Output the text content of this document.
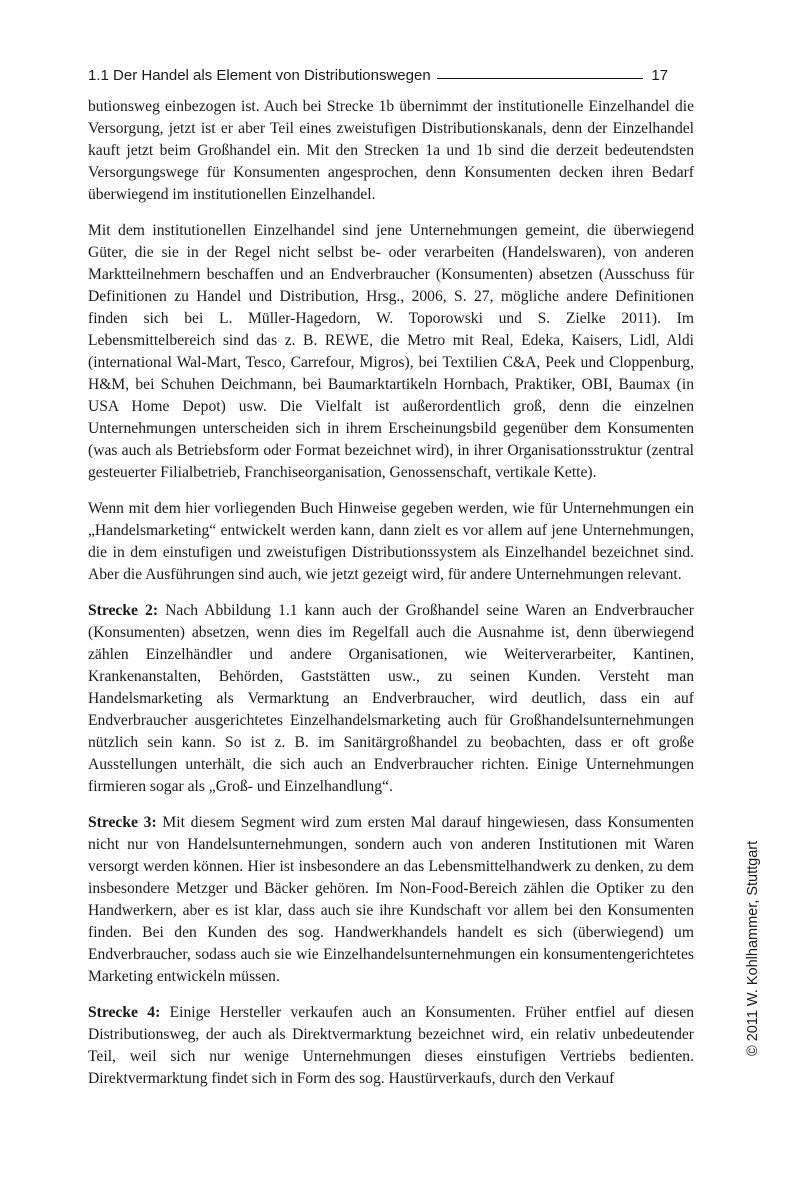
1.1 Der Handel als Element von Distributionswegen	17

butionsweg einbezogen ist. Auch bei Strecke 1b übernimmt der institutionelle Einzelhandel die Versorgung, jetzt ist er aber Teil eines zweistufigen Distributionskanals, denn der Einzelhandel kauft jetzt beim Großhandel ein. Mit den Strecken 1a und 1b sind die derzeit bedeutendsten Versorgungswege für Konsumenten angesprochen, denn Konsumenten decken ihren Bedarf überwiegend im institutionellen Einzelhandel.

Mit dem institutionellen Einzelhandel sind jene Unternehmungen gemeint, die überwiegend Güter, die sie in der Regel nicht selbst be- oder verarbeiten (Handelswaren), von anderen Marktteilnehmern beschaffen und an Endverbraucher (Konsumenten) absetzen (Ausschuss für Definitionen zu Handel und Distribution, Hrsg., 2006, S. 27, mögliche andere Definitionen finden sich bei L. Müller-Hagedorn, W. Toporowski und S. Zielke 2011). Im Lebensmittelbereich sind das z. B. REWE, die Metro mit Real, Edeka, Kaisers, Lidl, Aldi (international Wal-Mart, Tesco, Carrefour, Migros), bei Textilien C&A, Peek und Cloppenburg, H&M, bei Schuhen Deichmann, bei Baumarktartikeln Hornbach, Praktiker, OBI, Baumax (in USA Home Depot) usw. Die Vielfalt ist außerordentlich groß, denn die einzelnen Unternehmungen unterscheiden sich in ihrem Erscheinungsbild gegenüber dem Konsumenten (was auch als Betriebsform oder Format bezeichnet wird), in ihrer Organisationsstruktur (zentral gesteuerter Filialbetrieb, Franchiseorganisation, Genossenschaft, vertikale Kette).

Wenn mit dem hier vorliegenden Buch Hinweise gegeben werden, wie für Unternehmungen ein „Handelsmarketing“ entwickelt werden kann, dann zielt es vor allem auf jene Unternehmungen, die in dem einstufigen und zweistufigen Distributionssystem als Einzelhandel bezeichnet sind. Aber die Ausführungen sind auch, wie jetzt gezeigt wird, für andere Unternehmungen relevant.

Strecke 2: Nach Abbildung 1.1 kann auch der Großhandel seine Waren an Endverbraucher (Konsumenten) absetzen, wenn dies im Regelfall auch die Ausnahme ist, denn überwiegend zählen Einzelhändler und andere Organisationen, wie Weiterverarbeiter, Kantinen, Krankenanstalten, Behörden, Gaststätten usw., zu seinen Kunden. Versteht man Handelsmarketing als Vermarktung an Endverbraucher, wird deutlich, dass ein auf Endverbraucher ausgerichtetes Einzelhandelsmarketing auch für Großhandelsunternehmungen nützlich sein kann. So ist z. B. im Sanitärgroßhandel zu beobachten, dass er oft große Ausstellungen unterhält, die sich auch an Endverbraucher richten. Einige Unternehmungen firmieren sogar als „Groß- und Einzelhandlung“.

Strecke 3: Mit diesem Segment wird zum ersten Mal darauf hingewiesen, dass Konsumenten nicht nur von Handelsunternehmungen, sondern auch von anderen Institutionen mit Waren versorgt werden können. Hier ist insbesondere an das Lebensmittelhandwerk zu denken, zu dem insbesondere Metzger und Bäcker gehören. Im Non-Food-Bereich zählen die Optiker zu den Handwerkern, aber es ist klar, dass auch sie ihre Kundschaft vor allem bei den Konsumenten finden. Bei den Kunden des sog. Handwerkhandels handelt es sich (überwiegend) um Endverbraucher, sodass auch sie wie Einzelhandelsunternehmungen ein konsumentengerichtetes Marketing entwickeln müssen.

Strecke 4: Einige Hersteller verkaufen auch an Konsumenten. Früher entfiel auf diesen Distributionsweg, der auch als Direktvermarktung bezeichnet wird, ein relativ unbedeutender Teil, weil sich nur wenige Unternehmungen dieses einstufigen Vertriebs bedienten. Direktvermarktung findet sich in Form des sog. Haustürverkaufs, durch den Verkauf

© 2011 W. Kohlhammer, Stuttgart
